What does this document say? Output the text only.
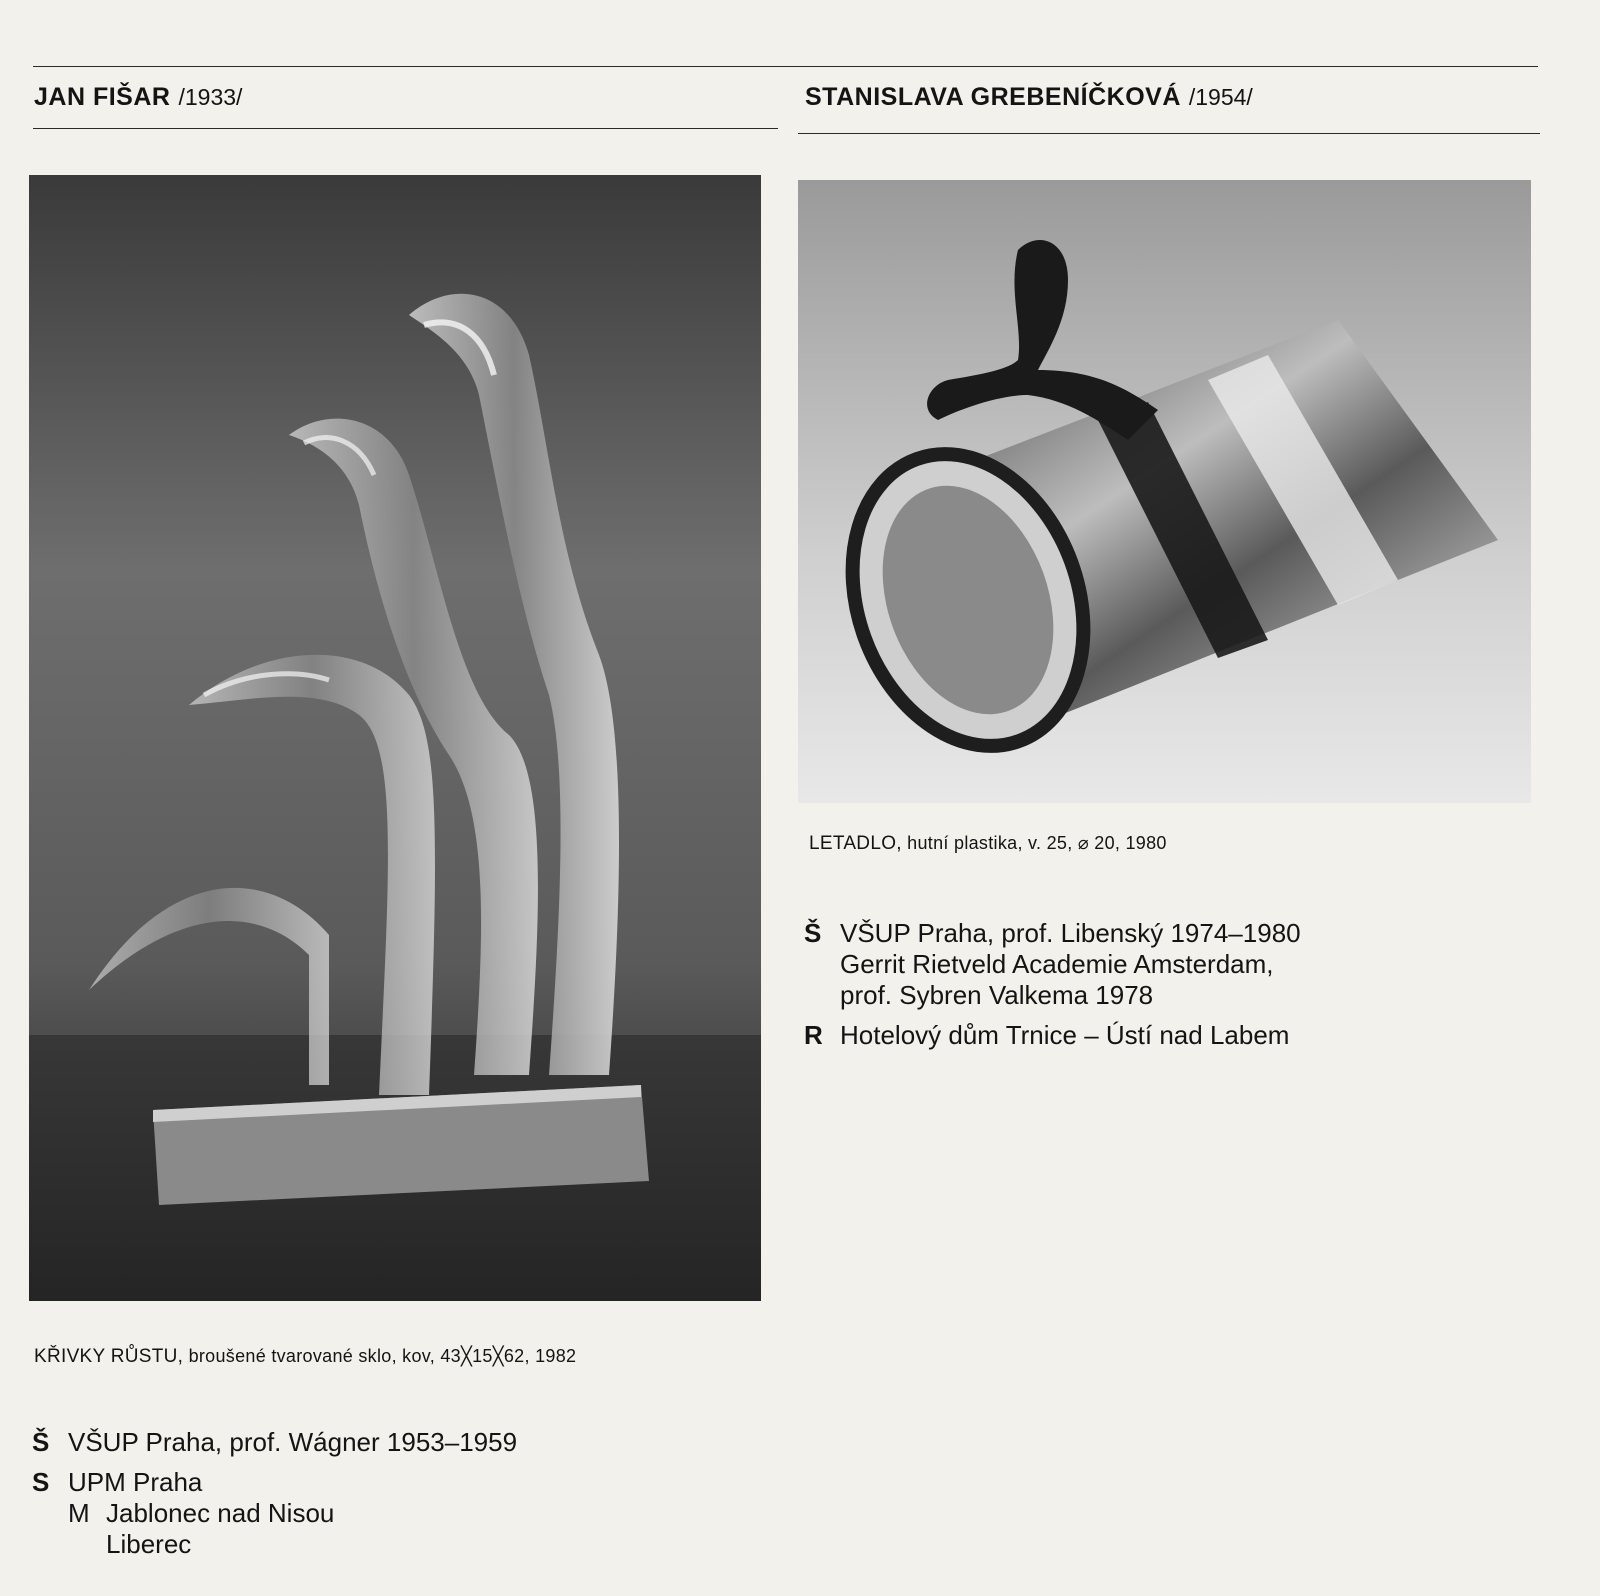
JAN FIŠAR /1933/	STANISLAVA GREBENÍČKOVÁ /1954/
LETADLO, hutní plastika, v. 25, ⌀ 20, 1980
KŘIVKY RŮSTU, broušené tvarované sklo, kov, 43╳15╳62, 1982
Š VŠUP Praha, prof. Libenský 1974–1980
Gerrit Rietveld Academie Amsterdam,
prof. Sybren Valkema 1978
R Hotelový dům Trnice – Ústí nad Labem
Š VŠUP Praha, prof. Wágner 1953–1959
S UPM Praha
M Jablonec nad Nisou
Liberec
